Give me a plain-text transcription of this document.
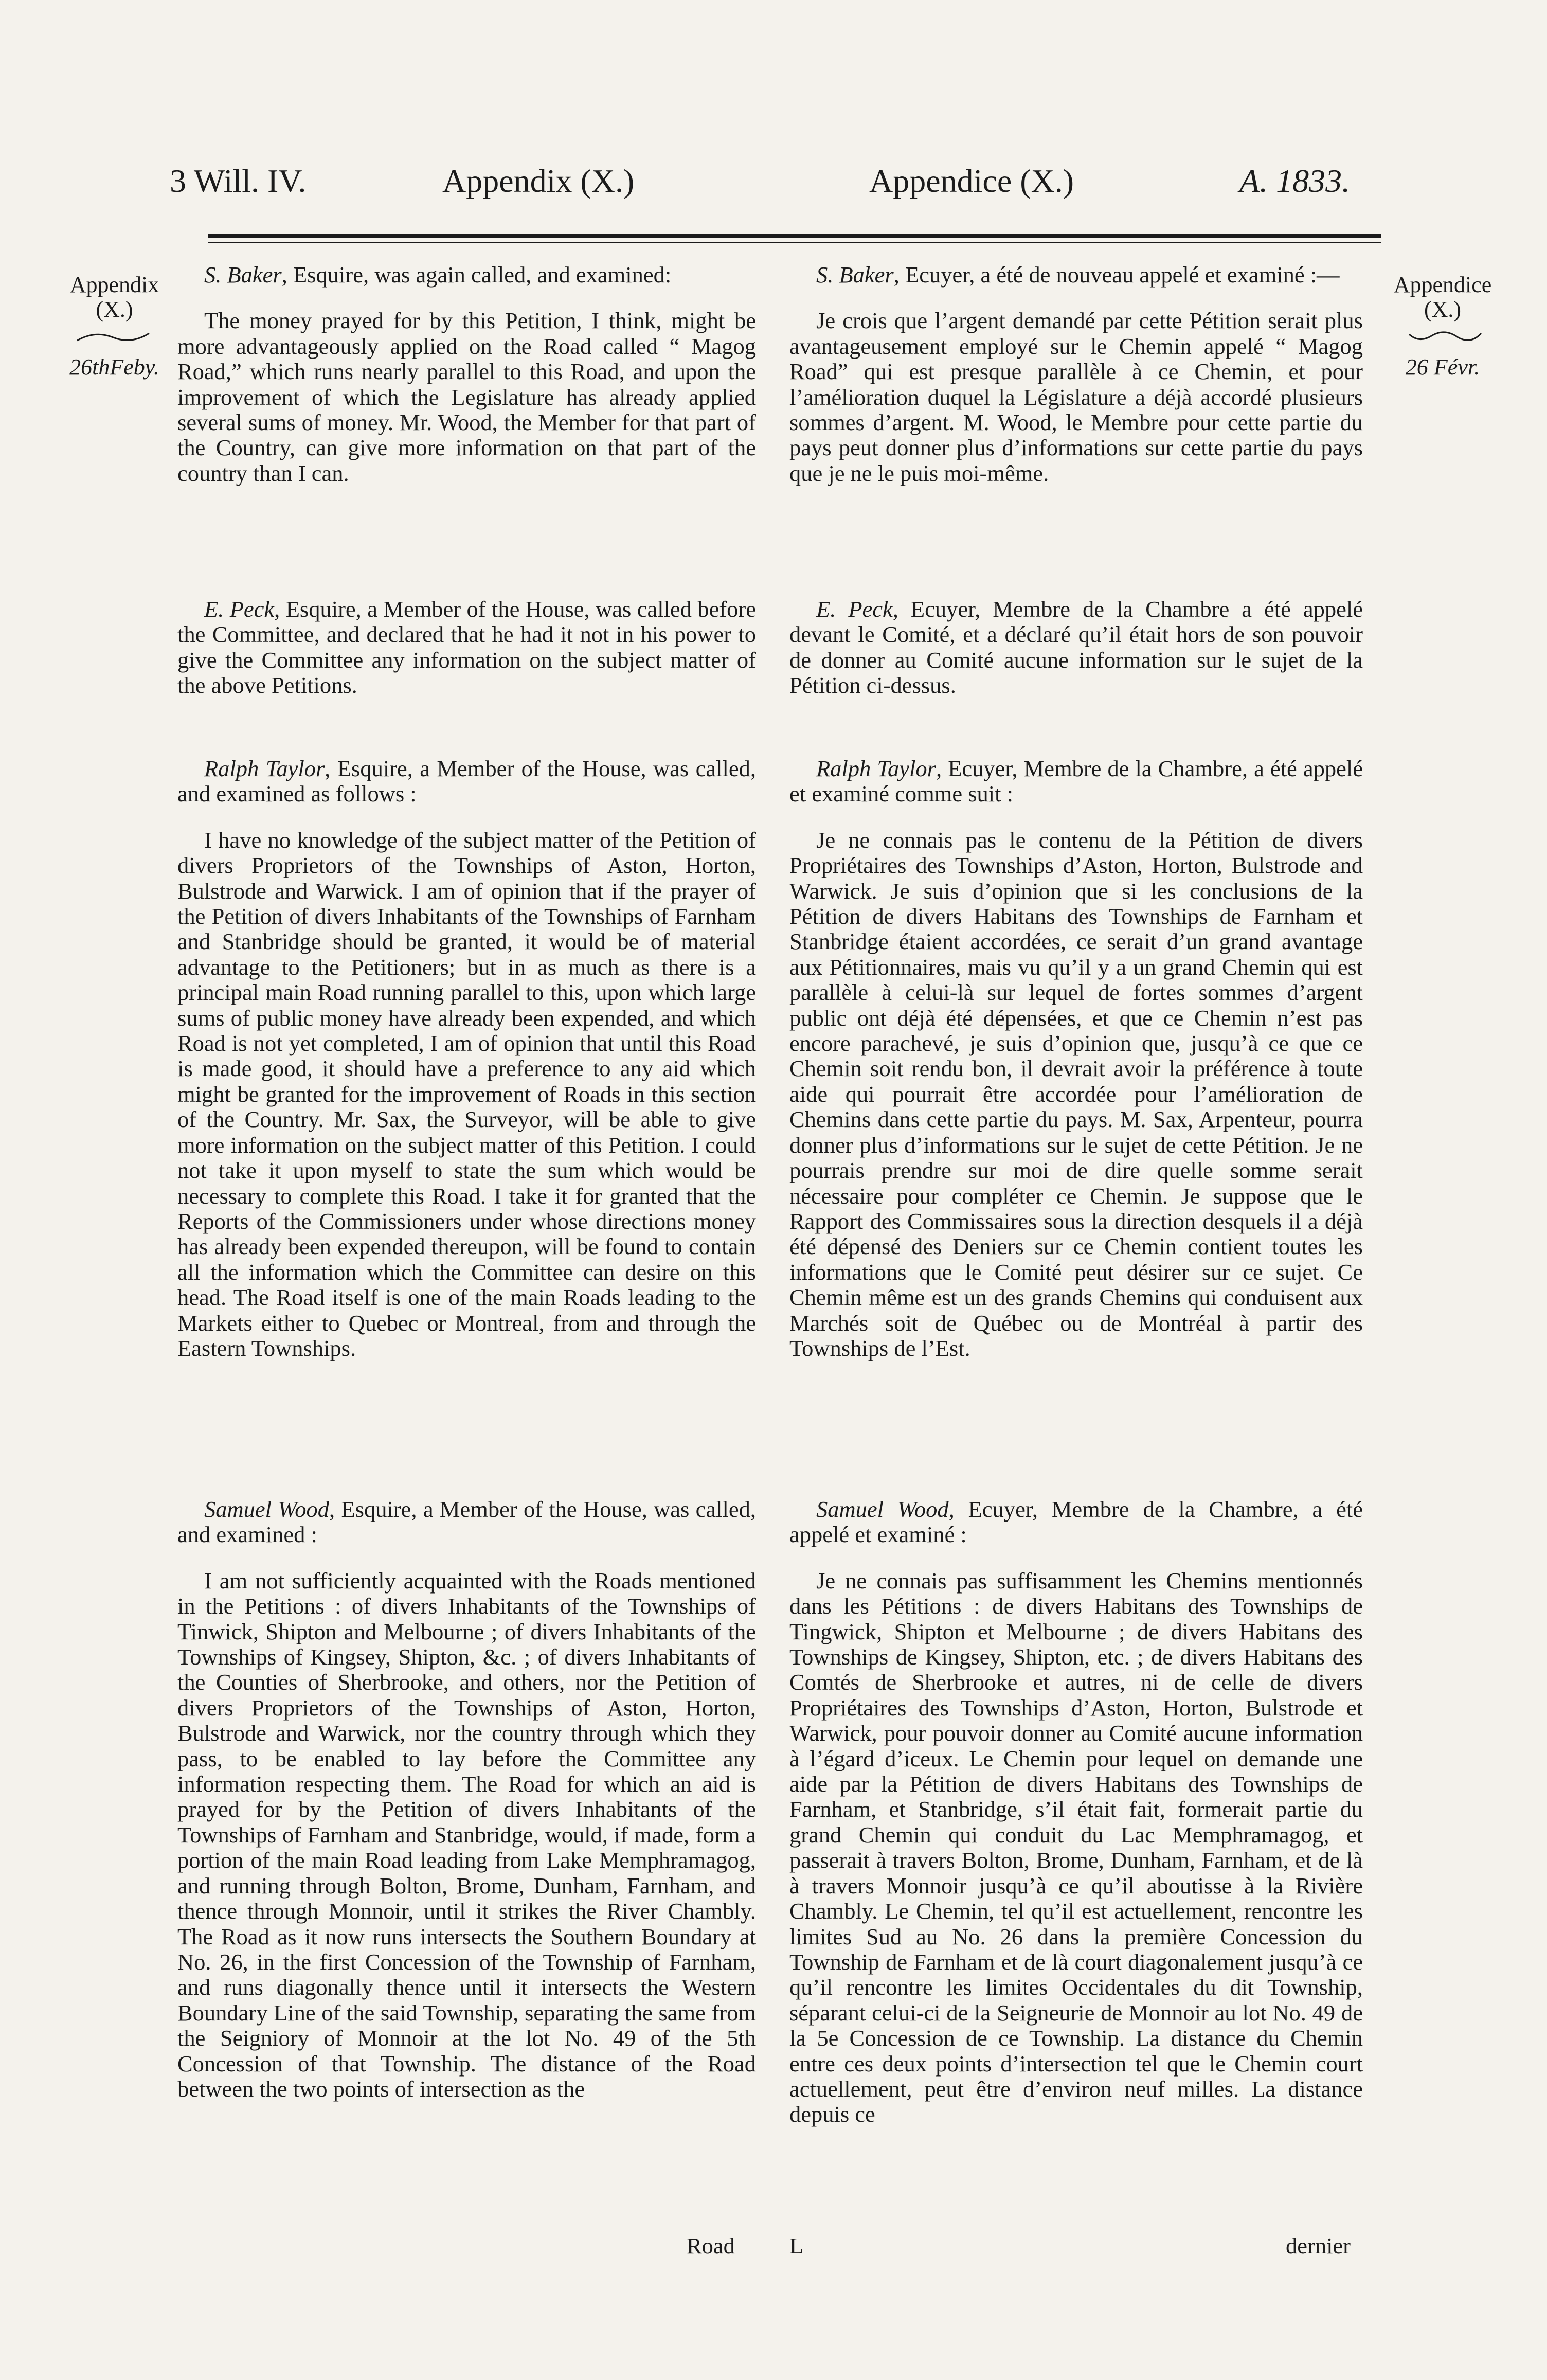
3 Will. IV.	Appendix (X.)	Appendice (X.)	A. 1833.
Appendix
(X.)
26thFeby.
Appendice
(X.)
26 Févr.

S. Baker, Esquire, was again called, and examined:

The money prayed for by this Petition, I think, might be more advantageously applied on the Road called “ Magog Road,” which runs nearly parallel to this Road, and upon the improvement of which the Legislature has already applied several sums of money. Mr. Wood, the Member for that part of the Country, can give more information on that part of the country than I can.

E. Peck, Esquire, a Member of the House, was called before the Committee, and declared that he had it not in his power to give the Committee any information on the subject matter of the above Petitions.

Ralph Taylor, Esquire, a Member of the House, was called, and examined as follows :

I have no knowledge of the subject matter of the Petition of divers Proprietors of the Townships of Aston, Horton, Bulstrode and Warwick. I am of opinion that if the prayer of the Petition of divers Inhabitants of the Townships of Farnham and Stanbridge should be granted, it would be of material advantage to the Petitioners; but in as much as there is a principal main Road running parallel to this, upon which large sums of public money have already been expended, and which Road is not yet completed, I am of opinion that until this Road is made good, it should have a preference to any aid which might be granted for the improvement of Roads in this section of the Country. Mr. Sax, the Surveyor, will be able to give more information on the subject matter of this Petition. I could not take it upon myself to state the sum which would be necessary to complete this Road. I take it for granted that the Reports of the Commissioners under whose directions money has already been expended thereupon, will be found to contain all the information which the Committee can desire on this head. The Road itself is one of the main Roads leading to the Markets either to Quebec or Montreal, from and through the Eastern Townships.

Samuel Wood, Esquire, a Member of the House, was called, and examined :

I am not sufficiently acquainted with the Roads mentioned in the Petitions : of divers Inhabitants of the Townships of Tinwick, Shipton and Melbourne ; of divers Inhabitants of the Townships of Kingsey, Shipton, &c. ; of divers Inhabitants of the Counties of Sherbrooke, and others, nor the Petition of divers Proprietors of the Townships of Aston, Horton, Bulstrode and Warwick, nor the country through which they pass, to be enabled to lay before the Committee any information respecting them. The Road for which an aid is prayed for by the Petition of divers Inhabitants of the Townships of Farnham and Stanbridge, would, if made, form a portion of the main Road leading from Lake Memphramagog, and running through Bolton, Brome, Dunham, Farnham, and thence through Monnoir, until it strikes the River Chambly. The Road as it now runs intersects the Southern Boundary at No. 26, in the first Concession of the Township of Farnham, and runs diagonally thence until it intersects the Western Boundary Line of the said Township, separating the same from the Seigniory of Monnoir at the lot No. 49 of the 5th Concession of that Township. The distance of the Road between the two points of intersection as the

S. Baker, Ecuyer, a été de nouveau appelé et examiné :—

Je crois que l’argent demandé par cette Pétition serait plus avantageusement employé sur le Chemin appelé “ Magog Road” qui est presque parallèle à ce Chemin, et pour l’amélioration duquel la Législature a déjà accordé plusieurs sommes d’argent. M. Wood, le Membre pour cette partie du pays peut donner plus d’informations sur cette partie du pays que je ne le puis moi-même.

E. Peck, Ecuyer, Membre de la Chambre a été appelé devant le Comité, et a déclaré qu’il était hors de son pouvoir de donner au Comité aucune information sur le sujet de la Pétition ci-dessus.

Ralph Taylor, Ecuyer, Membre de la Chambre, a été appelé et examiné comme suit :

Je ne connais pas le contenu de la Pétition de divers Propriétaires des Townships d’Aston, Horton, Bulstrode and Warwick. Je suis d’opinion que si les conclusions de la Pétition de divers Habitans des Townships de Farnham et Stanbridge étaient accordées, ce serait d’un grand avantage aux Pétitionnaires, mais vu qu’il y a un grand Chemin qui est parallèle à celui-là sur lequel de fortes sommes d’argent public ont déjà été dépensées, et que ce Chemin n’est pas encore parachevé, je suis d’opinion que, jusqu’à ce que ce Chemin soit rendu bon, il devrait avoir la préférence à toute aide qui pourrait être accordée pour l’amélioration de Chemins dans cette partie du pays. M. Sax, Arpenteur, pourra donner plus d’informations sur le sujet de cette Pétition. Je ne pourrais prendre sur moi de dire quelle somme serait nécessaire pour compléter ce Chemin. Je suppose que le Rapport des Commissaires sous la direction desquels il a déjà été dépensé des Deniers sur ce Chemin contient toutes les informations que le Comité peut désirer sur ce sujet. Ce Chemin même est un des grands Chemins qui conduisent aux Marchés soit de Québec ou de Montréal à partir des Townships de l’Est.

Samuel Wood, Ecuyer, Membre de la Chambre, a été appelé et examiné :

Je ne connais pas suffisamment les Chemins mentionnés dans les Pétitions : de divers Habitans des Townships de Tingwick, Shipton et Melbourne ; de divers Habitans des Townships de Kingsey, Shipton, etc. ; de divers Habitans des Comtés de Sherbrooke et autres, ni de celle de divers Propriétaires des Townships d’Aston, Horton, Bulstrode et Warwick, pour pouvoir donner au Comité aucune information à l’égard d’iceux. Le Chemin pour lequel on demande une aide par la Pétition de divers Habitans des Townships de Farnham, et Stanbridge, s’il était fait, formerait partie du grand Chemin qui conduit du Lac Memphramagog, et passerait à travers Bolton, Brome, Dunham, Farnham, et de là à travers Monnoir jusqu’à ce qu’il aboutisse à la Rivière Chambly. Le Chemin, tel qu’il est actuellement, rencontre les limites Sud au No. 26 dans la première Concession du Township de Farnham et de là court diagonalement jusqu’à ce qu’il rencontre les limites Occidentales du dit Township, séparant celui-ci de la Seigneurie de Monnoir au lot No. 49 de la 5e Concession de ce Township. La distance du Chemin entre ces deux points d’intersection tel que le Chemin court actuellement, peut être d’environ neuf milles. La distance depuis ce

Road L	dernier
